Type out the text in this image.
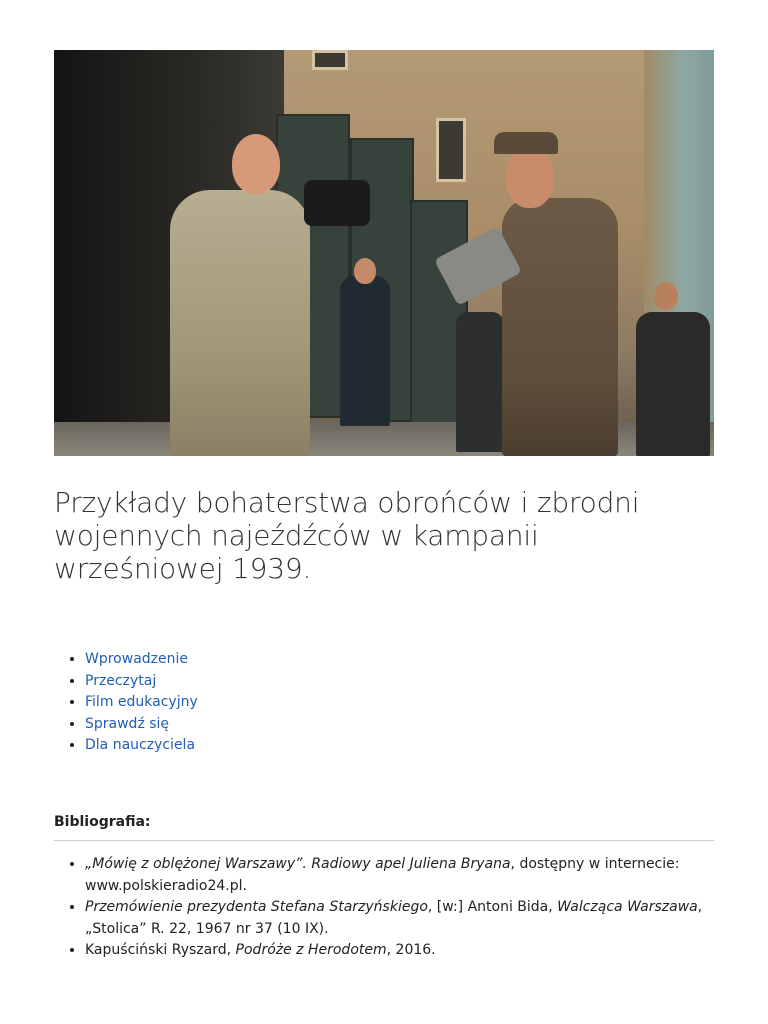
Przykłady bohaterstwa obrońców i zbrodni wojennych najeźdźców w kampanii wrześniowej 1939.
• Wprowadzenie
• Przeczytaj
• Film edukacyjny
• Sprawdź się
• Dla nauczyciela

Bibliografia:

• „Mówię z oblężonej Warszawy”. Radiowy apel Juliena Bryana, dostępny w internecie: www.polskieradio24.pl.
• Przemówienie prezydenta Stefana Starzyńskiego, [w:] Antoni Bida, Walcząca Warszawa, „Stolica” R. 22, 1967 nr 37 (10 IX).
• Kapuściński Ryszard, Podróże z Herodotem, 2016.
